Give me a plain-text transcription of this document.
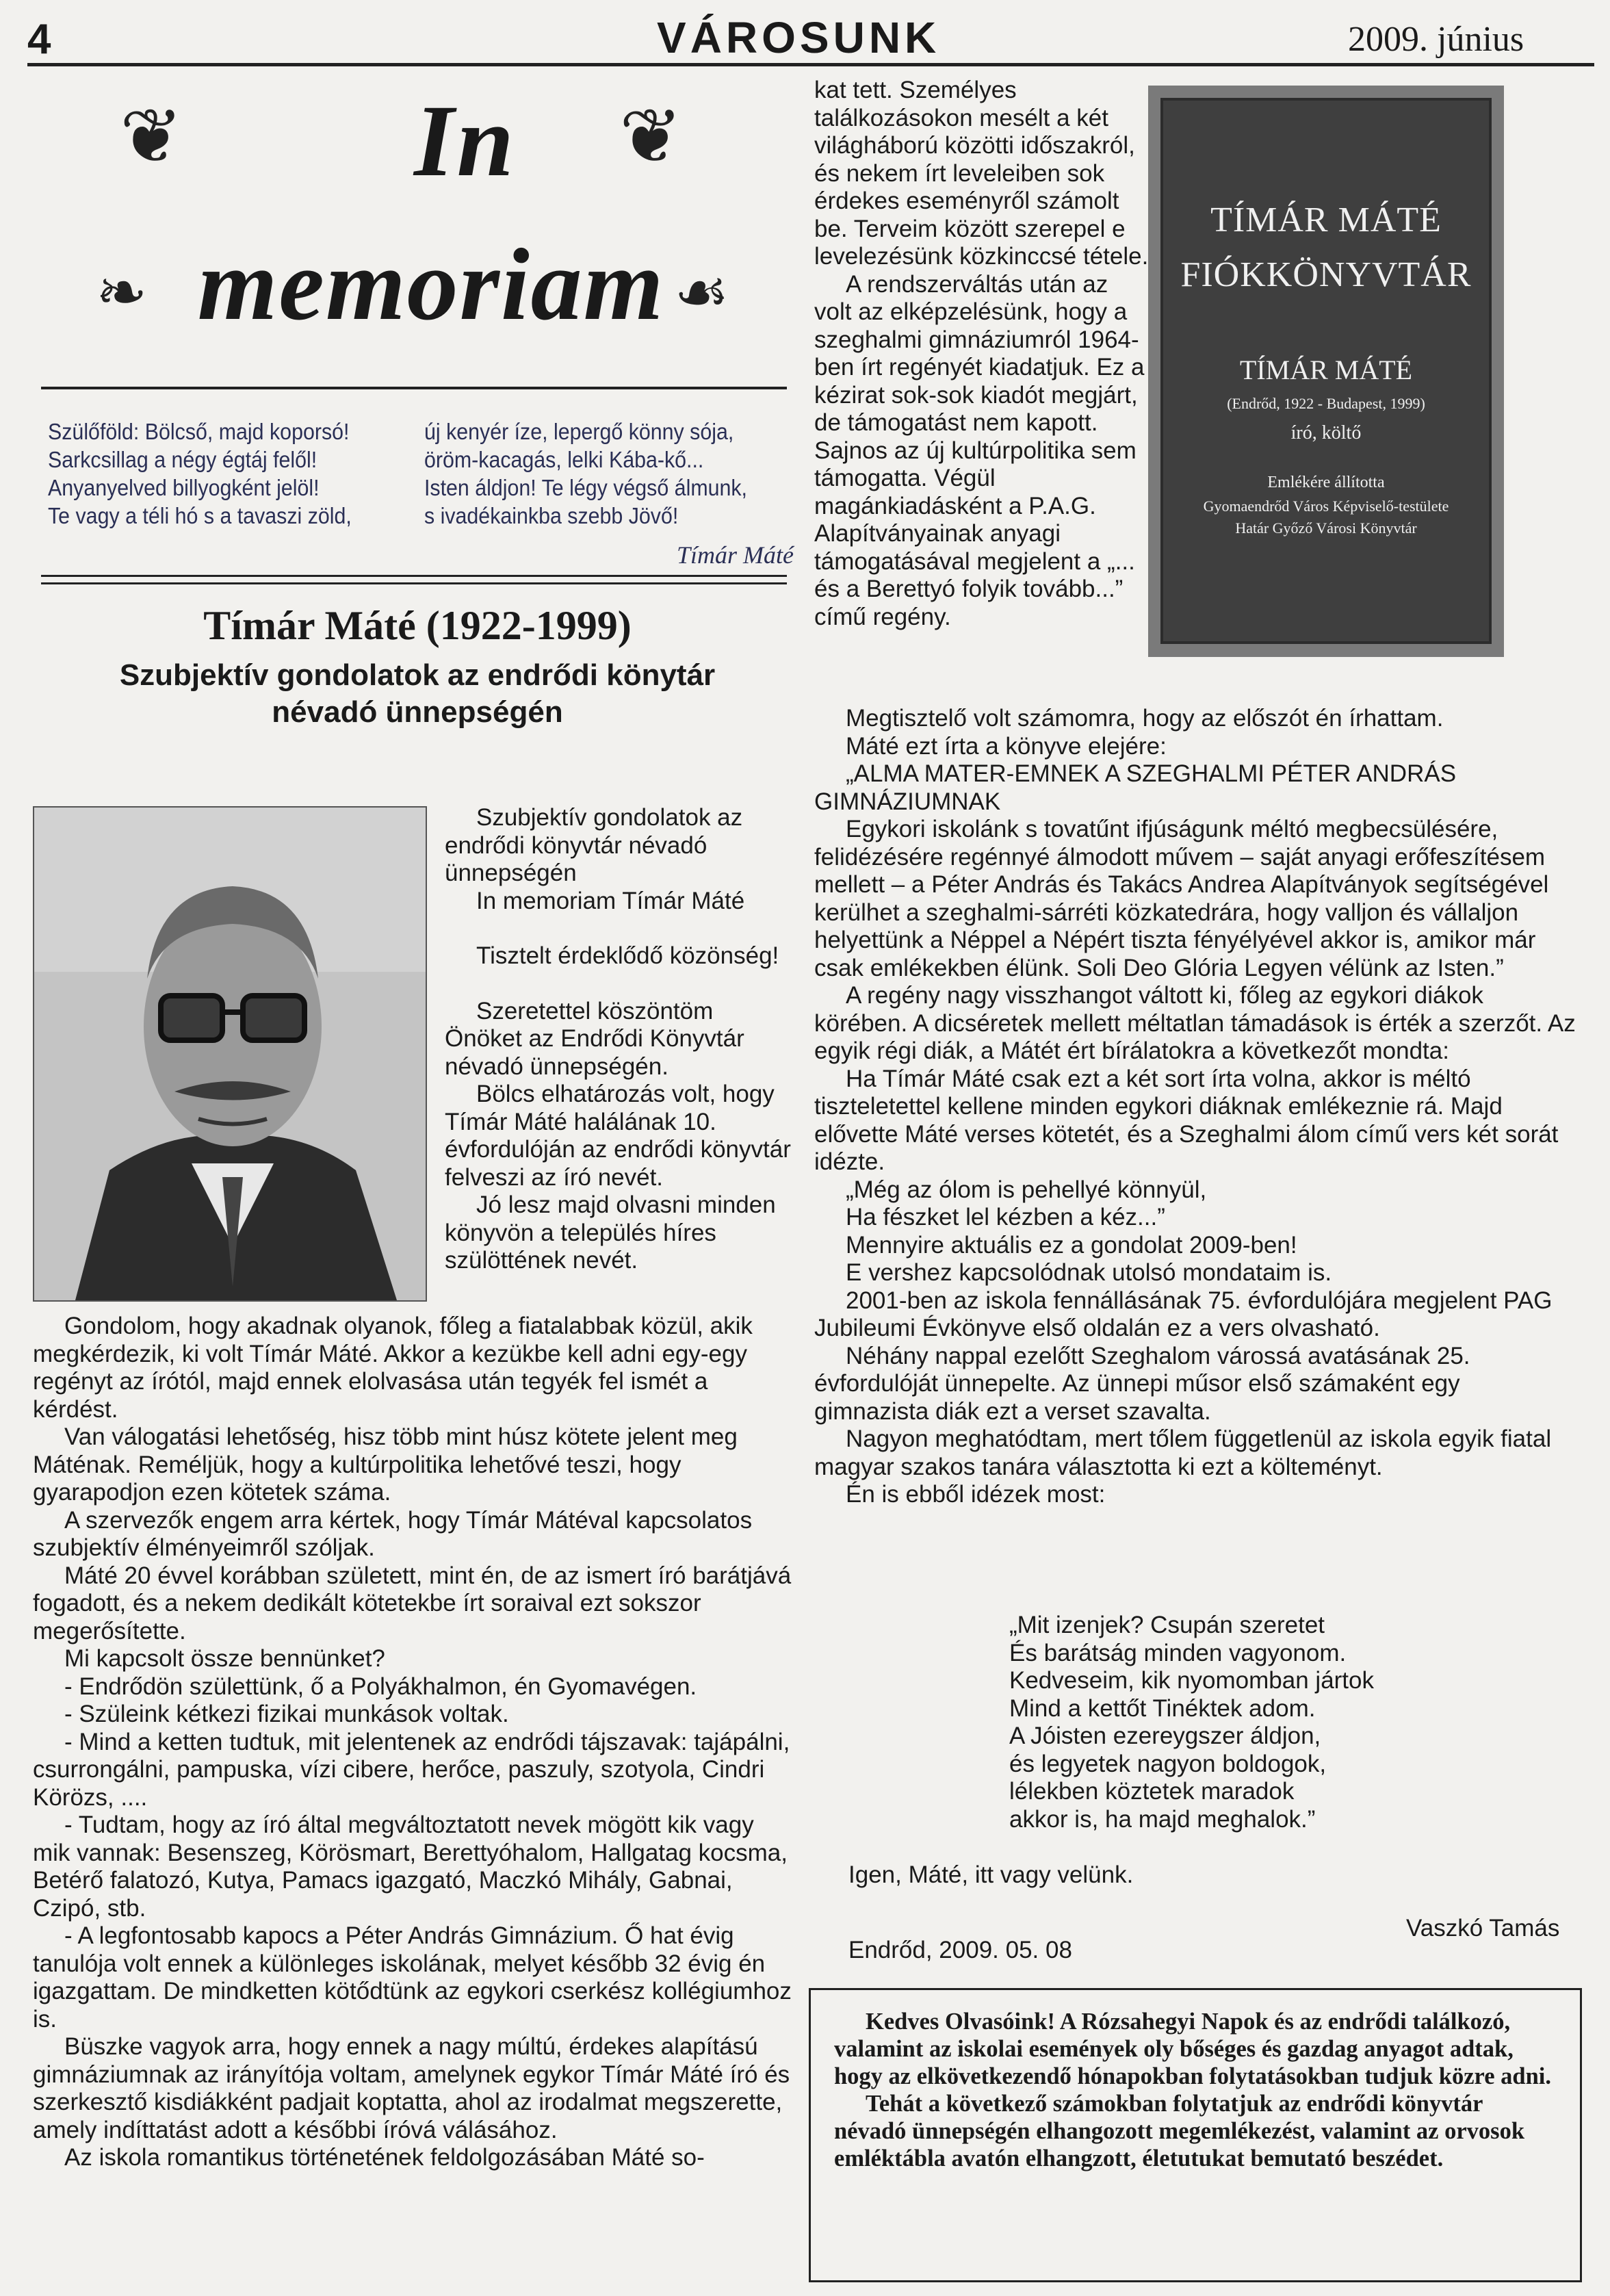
4	VÁROSUNK	2009. június
❦	❦
❧	☙
In
memoriam
Szülőföld: Bölcső, majd koporsó!
Sarkcsillag a négy égtáj felől!
Anyanyelved billyogként jelöl!
Te vagy a téli hó s a tavaszi zöld,
új kenyér íze, lepergő könny sója,
öröm-kacagás, lelki Kába-kő...
Isten áldjon! Te légy végső álmunk,
s ivadékainkba szebb Jövő!
Tímár Máté
Tímár Máté (1922-1999)
Szubjektív gondolatok az endrődi könytár
névadó ünnepségén

Szubjektív gondolatok az endrődi könyvtár névadó ünnepségén

In memoriam Tímár Máté

Tisztelt érdeklődő közönség!

Szeretettel köszöntöm Önöket az Endrődi Könyvtár névadó ünnepségén.

Bölcs elhatározás volt, hogy Tímár Máté halálának 10. évfordulóján az endrődi könyvtár felveszi az író nevét.

Jó lesz majd olvasni minden könyvön a település híres szülöttének nevét.

Gondolom, hogy akadnak olyanok, főleg a fiatalabbak közül, akik megkérdezik, ki volt Tímár Máté. Akkor a kezükbe kell adni egy-egy regényt az írótól, majd ennek elolvasása után tegyék fel ismét a kérdést.

Van válogatási lehetőség, hisz több mint húsz kötete jelent meg Máténak. Reméljük, hogy a kultúrpolitika lehetővé teszi, hogy gyarapodjon ezen kötetek száma.

A szervezők engem arra kértek, hogy Tímár Mátéval kapcsolatos szubjektív élményeimről szóljak.

Máté 20 évvel korábban született, mint én, de az ismert író barátjává fogadott, és a nekem dedikált kötetekbe írt soraival ezt sokszor megerősítette.

Mi kapcsolt össze bennünket?

- Endrődön születtünk, ő a Polyákhalmon, én Gyomavégen.

- Szüleink kétkezi fizikai munkások voltak.

- Mind a ketten tudtuk, mit jelentenek az endrődi tájszavak: tajápálni, csurrongálni, pampuska, vízi cibere, herőce, paszuly, szotyola, Cindri Körözs, ....

- Tudtam, hogy az író által megváltoztatott nevek mögött kik vagy mik vannak: Besenszeg, Körösmart, Berettyóhalom, Hallgatag kocsma, Betérő falatozó, Kutya, Pamacs igazgató, Maczkó Mihály, Gabnai, Czipó, stb.

- A legfontosabb kapocs a Péter András Gimnázium. Ő hat évig tanulója volt ennek a különleges iskolának, melyet később 32 évig én igazgattam. De mindketten kötődtünk az egykori cserkész kollégiumhoz is.

Büszke vagyok arra, hogy ennek a nagy múltú, érdekes alapítású gimnáziumnak az irányítója voltam, amelynek egykor Tímár Máté író és szerkesztő kisdiákként padjait koptatta, ahol az irodalmat megszerette, amely indíttatást adott a későbbi íróvá válásához.

Az iskola romantikus történetének feldolgozásában Máté so-

kat tett. Személyes találkozásokon mesélt a két világháború közötti időszakról, és nekem írt leveleiben sok érdekes eseményről számolt be. Terveim között szerepel e levelezésünk közkinccsé tétele.

A rendszerváltás után az volt az elképzelésünk, hogy a szeghalmi gimnáziumról 1964-ben írt regényét kiadatjuk. Ez a kézirat sok-sok kiadót megjárt, de támogatást nem kapott. Sajnos az új kultúrpolitika sem támogatta. Végül magánkiadásként a P.A.G. Alapítványainak anyagi támogatásával megjelent a „... és a Berettyó folyik tovább...” című regény.

TÍMÁR MÁTÉ
FIÓKKÖNYVTÁR
TÍMÁR MÁTÉ
(Endrőd, 1922 - Budapest, 1999)
író, költő
Emlékére állította
Gyomaendrőd Város Képviselő-testülete
Határ Győző Városi Könyvtár

Megtisztelő volt számomra, hogy az előszót én írhattam.

Máté ezt írta a könyve elejére:

„ALMA MATER-EMNEK A SZEGHALMI PÉTER ANDRÁS GIMNÁZIUMNAK

Egykori iskolánk s tovatűnt ifjúságunk méltó megbecsülésére, felidézésére regénnyé álmodott művem – saját anyagi erőfeszítésem mellett – a Péter András és Takács Andrea Alapítványok segítségével kerülhet a szeghalmi-sárréti közkatedrára, hogy valljon és vállaljon helyettünk a Néppel a Népért tiszta fényélyével akkor is, amikor már csak emlékekben élünk. Soli Deo Glória Legyen vélünk az Isten.”

A regény nagy visszhangot váltott ki, főleg az egykori diákok körében. A dicséretek mellett méltatlan támadások is érték a szerzőt. Az egyik régi diák, a Mátét ért bírálatokra a következőt mondta:

Ha Tímár Máté csak ezt a két sort írta volna, akkor is méltó tiszteletettel kellene minden egykori diáknak emlékeznie rá. Majd elővette Máté verses kötetét, és a Szeghalmi álom című vers két sorát idézte.

„Még az ólom is pehellyé könnyül,

Ha fészket lel kézben a kéz...”

Mennyire aktuális ez a gondolat 2009-ben!

E vershez kapcsolódnak utolsó mondataim is.

2001-ben az iskola fennállásának 75. évfordulójára megjelent PAG Jubileumi Évkönyve első oldalán ez a vers olvasható.

Néhány nappal ezelőtt Szeghalom várossá avatásának 25. évfordulóját ünnepelte. Az ünnepi műsor első számaként egy gimnazista diák ezt a verset szavalta.

Nagyon meghatódtam, mert tőlem függetlenül az iskola egyik fiatal magyar szakos tanára választotta ki ezt a költeményt.

Én is ebből idézek most:

„Mit izenjek? Csupán szeretet
És barátság minden vagyonom.
Kedveseim, kik nyomomban jártok
Mind a kettőt Tinéktek adom.
A Jóisten ezereygszer áldjon,
és legyetek nagyon boldogok,
lélekben köztetek maradok
akkor is, ha majd meghalok.”
Igen, Máté, itt vagy velünk.
Vaszkó Tamás
Endrőd, 2009. 05. 08

Kedves Olvasóink! A Rózsahegyi Napok és az endrődi találkozó, valamint az iskolai események oly bőséges és gazdag anyagot adtak, hogy az elkövetkezendő hónapokban folytatásokban tudjuk közre adni.

Tehát a következő számokban folytatjuk az endrődi könyvtár névadó ünnepségén elhangozott megemlékezést, valamint az orvosok emléktábla avatón elhangzott, életutukat bemutató beszédet.
